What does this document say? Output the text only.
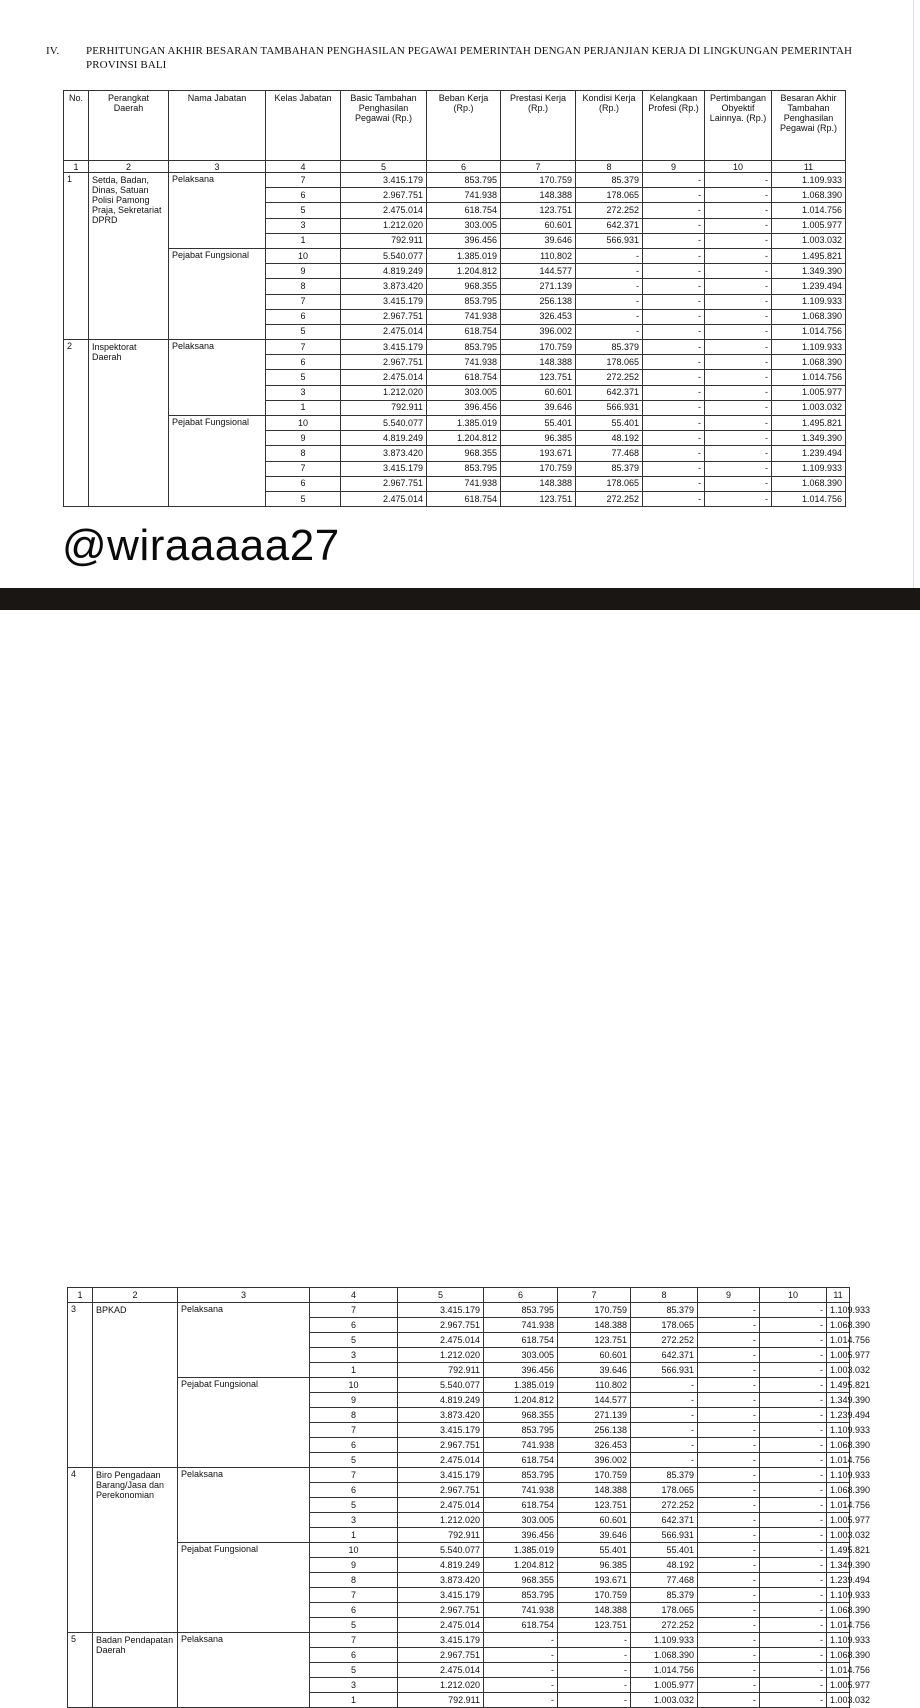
IV.	PERHITUNGAN AKHIR BESARAN TAMBAHAN PENGHASILAN PEGAWAI PEMERINTAH DENGAN PERJANJIAN KERJA DI LINGKUNGAN PEMERINTAH PROVINSI BALI
No.	Perangkat Daerah	Nama Jabatan	Kelas Jabatan	Basic Tambahan Penghasilan Pegawai (Rp.)	Beban Kerja (Rp.)	Prestasi Kerja (Rp.)	Kondisi Kerja (Rp.)	Kelangkaan Profesi (Rp.)	Pertimbangan Obyektif Lainnya. (Rp.)	Besaran Akhir Tambahan Penghasilan Pegawai (Rp.)
1	2	3	4	5	6	7	8	9	10	11
1	Setda, Badan, Dinas, Satuan Polisi Pamong Praja, Sekretariat DPRD	Pelaksana	7	3.415.179	853.795	170.759	85.379	-	-	1.109.933
			6	2.967.751	741.938	148.388	178.065	-	-	1.068.390
			5	2.475.014	618.754	123.751	272.252	-	-	1.014.756
			3	1.212.020	303.005	60.601	642.371	-	-	1.005.977
			1	792.911	396.456	39.646	566.931	-	-	1.003.032
		Pejabat Fungsional	10	5.540.077	1.385.019	110.802	-	-	-	1.495.821
			9	4.819.249	1.204.812	144.577	-	-	-	1.349.390
			8	3.873.420	968.355	271.139	-	-	-	1.239.494
			7	3.415.179	853.795	256.138	-	-	-	1.109.933
			6	2.967.751	741.938	326.453	-	-	-	1.068.390
			5	2.475.014	618.754	396.002	-	-	-	1.014.756
2	Inspektorat Daerah	Pelaksana	7	3.415.179	853.795	170.759	85.379	-	-	1.109.933
			6	2.967.751	741.938	148.388	178.065	-	-	1.068.390
			5	2.475.014	618.754	123.751	272.252	-	-	1.014.756
			3	1.212.020	303.005	60.601	642.371	-	-	1.005.977
			1	792.911	396.456	39.646	566.931	-	-	1.003.032
		Pejabat Fungsional	10	5.540.077	1.385.019	55.401	55.401	-	-	1.495.821
			9	4.819.249	1.204.812	96.385	48.192	-	-	1.349.390
			8	3.873.420	968.355	193.671	77.468	-	-	1.239.494
			7	3.415.179	853.795	170.759	85.379	-	-	1.109.933
			6	2.967.751	741.938	148.388	178.065	-	-	1.068.390
			5	2.475.014	618.754	123.751	272.252	-	-	1.014.756
@wiraaaaa27
1	2	3	4	5	6	7	8	9	10	11
3	BPKAD	Pelaksana	7	3.415.179	853.795	170.759	85.379	-	-	1.109.933
			6	2.967.751	741.938	148.388	178.065	-	-	1.068.390
			5	2.475.014	618.754	123.751	272.252	-	-	1.014.756
			3	1.212.020	303.005	60.601	642.371	-	-	1.005.977
			1	792.911	396.456	39.646	566.931	-	-	1.003.032
		Pejabat Fungsional	10	5.540.077	1.385.019	110.802	-	-	-	1.495.821
			9	4.819.249	1.204.812	144.577	-	-	-	1.349.390
			8	3.873.420	968.355	271.139	-	-	-	1.239.494
			7	3.415.179	853.795	256.138	-	-	-	1.109.933
			6	2.967.751	741.938	326.453	-	-	-	1.068.390
			5	2.475.014	618.754	396.002	-	-	-	1.014.756
4	Biro Pengadaan Barang/Jasa dan Perekonomian	Pelaksana	7	3.415.179	853.795	170.759	85.379	-	-	1.109.933
			6	2.967.751	741.938	148.388	178.065	-	-	1.068.390
			5	2.475.014	618.754	123.751	272.252	-	-	1.014.756
			3	1.212.020	303.005	60.601	642.371	-	-	1.005.977
			1	792.911	396.456	39.646	566.931	-	-	1.003.032
		Pejabat Fungsional	10	5.540.077	1.385.019	55.401	55.401	-	-	1.495.821
			9	4.819.249	1.204.812	96.385	48.192	-	-	1.349.390
			8	3.873.420	968.355	193.671	77.468	-	-	1.239.494
			7	3.415.179	853.795	170.759	85.379	-	-	1.109.933
			6	2.967.751	741.938	148.388	178.065	-	-	1.068.390
			5	2.475.014	618.754	123.751	272.252	-	-	1.014.756
5	Badan Pendapatan Daerah	Pelaksana	7	3.415.179	-	-	1.109.933	-	-	1.109.933
			6	2.967.751	-	-	1.068.390	-	-	1.068.390
			5	2.475.014	-	-	1.014.756	-	-	1.014.756
			3	1.212.020	-	-	1.005.977	-	-	1.005.977
			1	792.911	-	-	1.003.032	-	-	1.003.032
